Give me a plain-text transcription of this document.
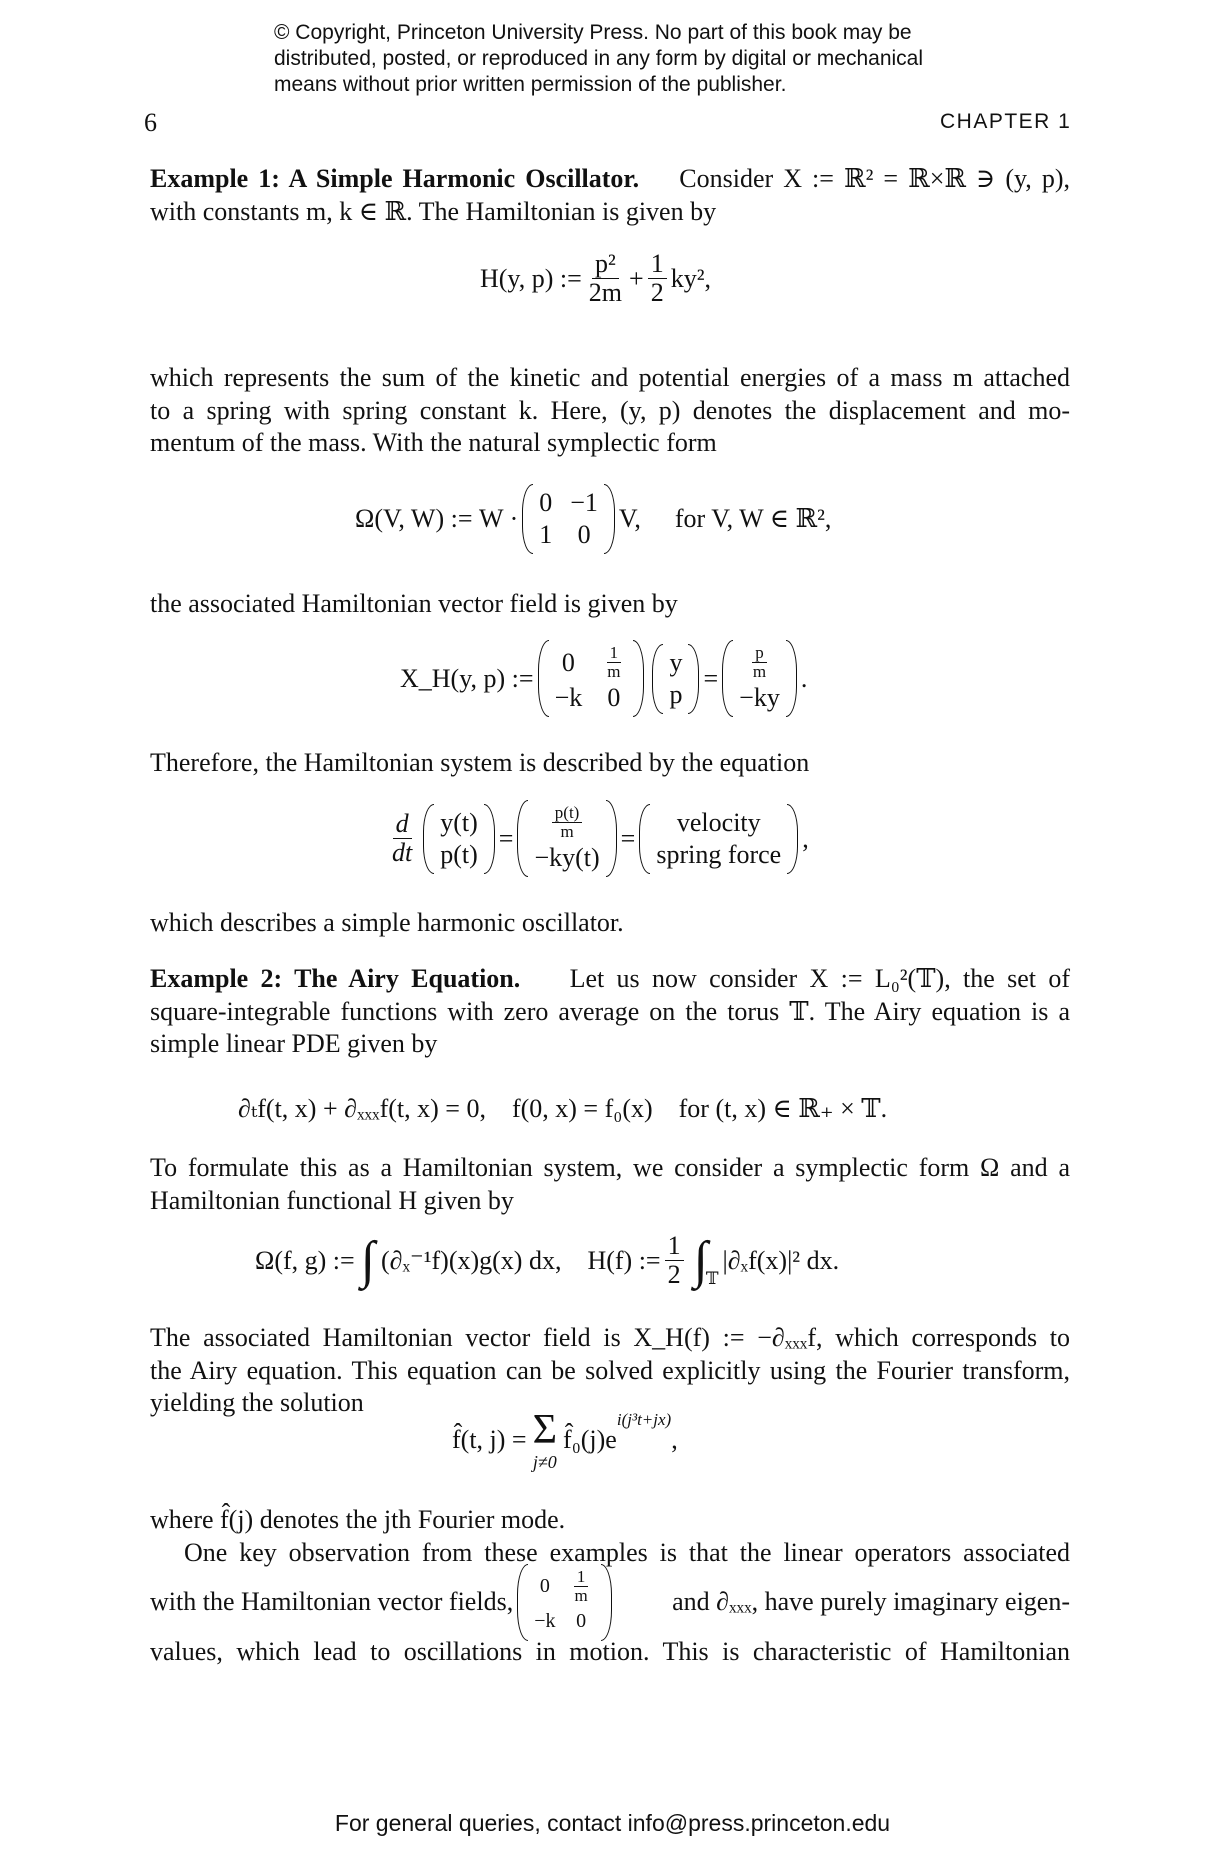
© Copyright, Princeton University Press. No part of this book may be
distributed, posted, or reproduced in any form by digital or mechanical
means without prior written permission of the publisher.
6	CHAPTER 1
Example 1: A Simple Harmonic Oscillator. Consider X := ℝ² = ℝ×ℝ ∋ (y, p),
with constants m, k ∈ ℝ. The Hamiltonian is given by
H(y, p) := $\frac{\text{p²}}{2m} + \frac{1}{2} ky^2$,
which represents the sum of the kinetic and potential energies of a mass m attached
to a spring with spring constant k. Here, (y, p) denotes the displacement and mo-
mentum of the mass. With the natural symplectic form
Ω(V, W) := W ·
0 −1
1 0
V, for V, W ∈ ℝ²,
the associated Hamiltonian vector field is given by
X_H(y, p) :=
$0 \frac{1}{m}$
−k 0
y
p
= $\frac{p}{m}$
−ky
.
Therefore, the Hamiltonian system is described by the equation
$\frac{d}{dt} y(t)$
p(t)
= $\frac{p(t)}{m}$
−ky(t)
=
velocity
spring force
,
which describes a simple harmonic oscillator.
Example 2: The Airy Equation. Let us now consider X := L₀²(𝕋), the set of
square-integrable functions with zero average on the torus 𝕋. The Airy equation is a
simple linear PDE given by
∂ₜf(t, x) + ∂ₓₓₓf(t, x) = 0,    f(0, x) = f₀(x)    for (t, x) ∈ ℝ₊ × 𝕋.
To formulate this as a Hamiltonian system, we consider a symplectic form Ω and a
Hamiltonian functional H given by
Ω(f, g) := ∫ (∂ₓ⁻¹f)(x)g(x) dx, H(f) := $\frac{1}{2}$ ∫
𝕋
|∂ₓf(x)|² dx.
The associated Hamiltonian vector field is X_H(f) := −∂ₓₓₓf, which corresponds to
the Airy equation. This equation can be solved explicitly using the Fourier transform,
yielding the solution
f̂(t, j) = Σ
j≠0
f̂₀(j)e
$^{i(j^3t+jx)}$
,
where f̂(j) denotes the jth Fourier mode.
One key observation from these examples is that the linear operators associated
with the Hamiltonian vector fields,
$0 \frac{1}{m}$
−k 0
and ∂ₓₓₓ, have purely imaginary eigen-
values, which lead to oscillations in motion. This is characteristic of Hamiltonian
For general queries, contact info@press.princeton.edu
